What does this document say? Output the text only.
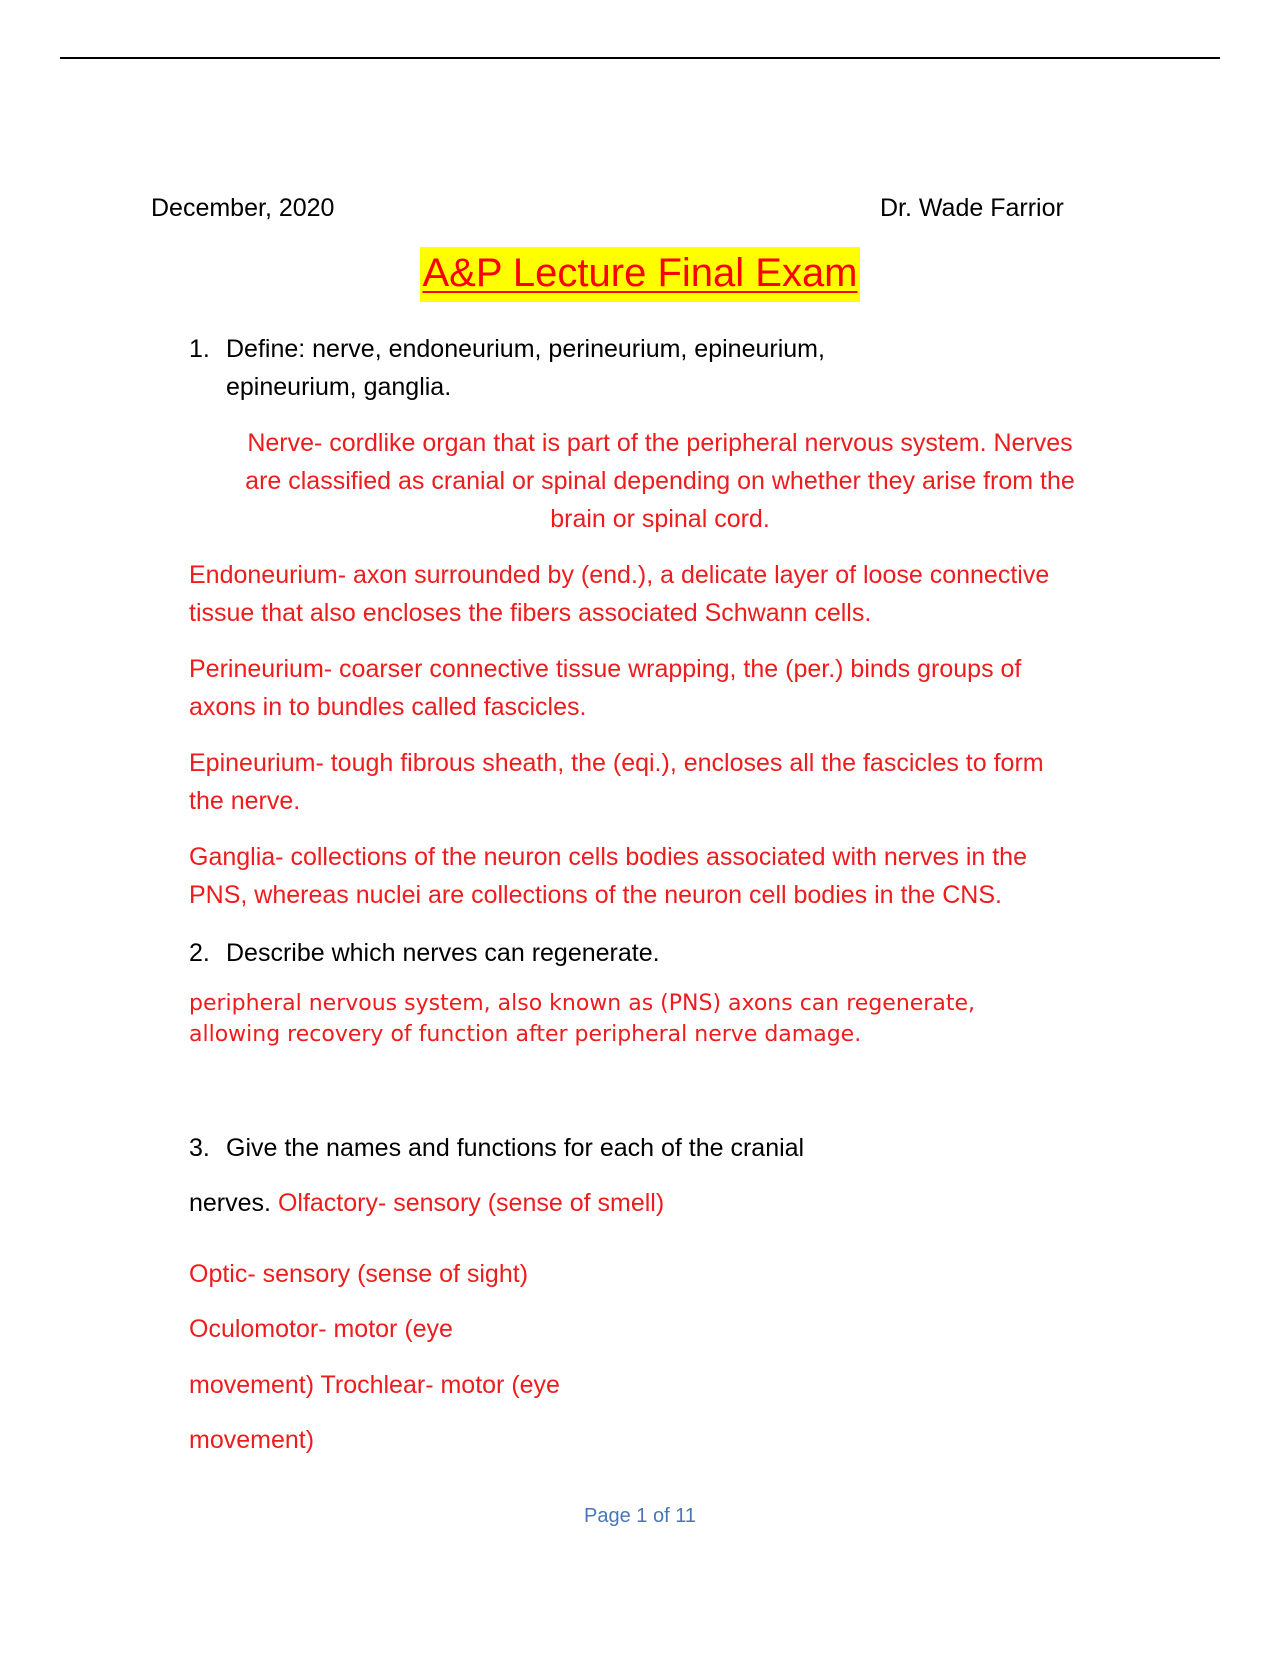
December, 2020	Dr. Wade Farrior
A&P Lecture Final Exam
1. Define: nerve, endoneurium, perineurium, epineurium,
epineurium, ganglia.
Nerve- cordlike organ that is part of the peripheral nervous system. Nerves
are classified as cranial or spinal depending on whether they arise from the
brain or spinal cord.
Endoneurium- axon surrounded by (end.), a delicate layer of loose connective
tissue that also encloses the fibers associated Schwann cells.
Perineurium- coarser connective tissue wrapping, the (per.) binds groups of
axons in to bundles called fascicles.
Epineurium- tough fibrous sheath, the (eqi.), encloses all the fascicles to form
the nerve.
Ganglia- collections of the neuron cells bodies associated with nerves in the
PNS, whereas nuclei are collections of the neuron cell bodies in the CNS.
2. Describe which nerves can regenerate.
peripheral nervous system, also known as (PNS) axons can regenerate,
allowing recovery of function after peripheral nerve damage.
3. Give the names and functions for each of the cranial
nerves. Olfactory- sensory (sense of smell)
Optic- sensory (sense of sight)
Oculomotor- motor (eye
movement) Trochlear- motor (eye
movement)
Page 1 of 11
